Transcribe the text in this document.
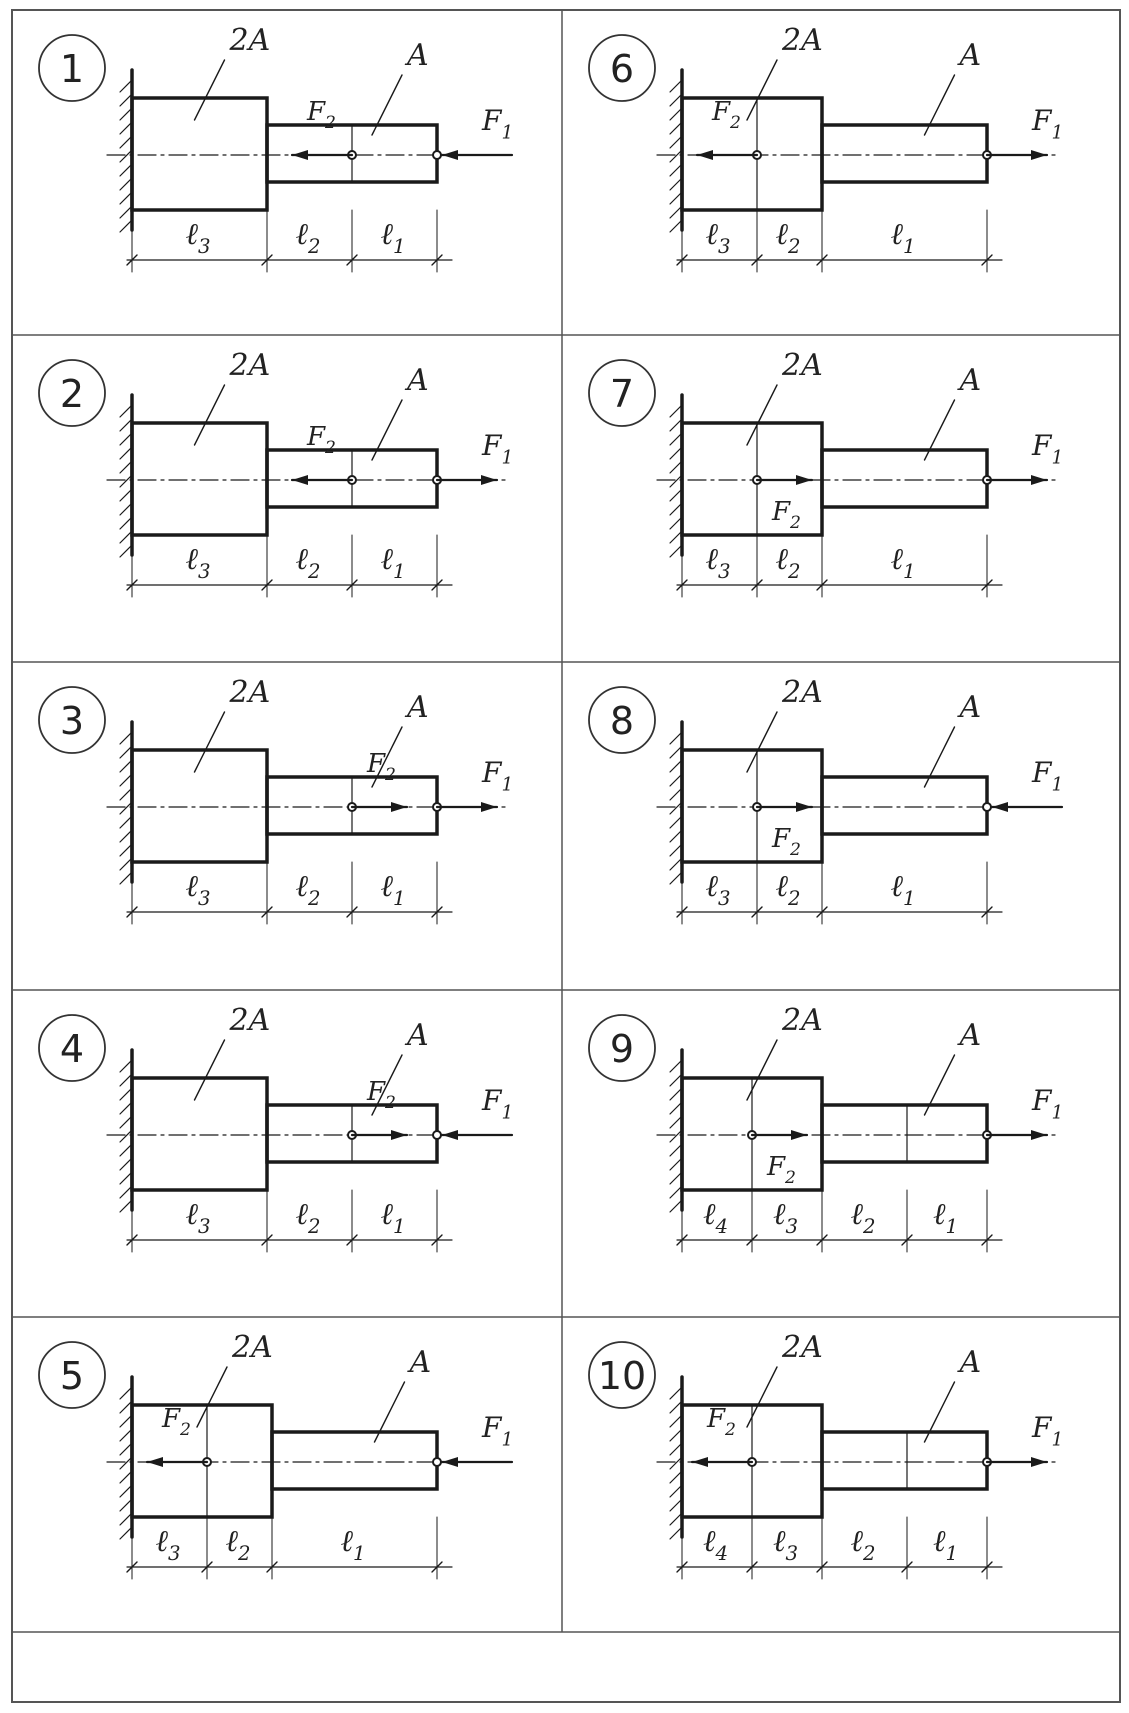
1
2A	A
$F_1$
$F_2$
ℓ$_3$	ℓ$_2$ ℓ$_1$
2
2A	A
$F_1$
$F_2$
ℓ$_3$	ℓ$_2$ ℓ$_1$
3
2A	A
$F_1$
$F_2$
ℓ$_3$	ℓ$_2$ ℓ$_1$
4
2A	A
$F_1$
$F_2$
ℓ$_3$	ℓ$_2$ ℓ$_1$
5
2A	A
$F_1$
$F_2$
ℓ$_3$ ℓ$_2$	ℓ$_1$
6
2A	A
$F_1$
$F_2$
ℓ$_3$ ℓ$_2$	ℓ$_1$
7
2A	A
$F_1$
$F_2$
ℓ$_3$ ℓ$_2$	ℓ$_1$
8
2A	A
$F_1$
$F_2$
ℓ$_3$ ℓ$_2$	ℓ$_1$
9
2A	A
$F_1$
$F_2$
ℓ$_4$ ℓ$_3$ ℓ$_2$ ℓ$_1$
10
2A	A
$F_1$
$F_2$
ℓ$_4$ ℓ$_3$ ℓ$_2$ ℓ$_1$
